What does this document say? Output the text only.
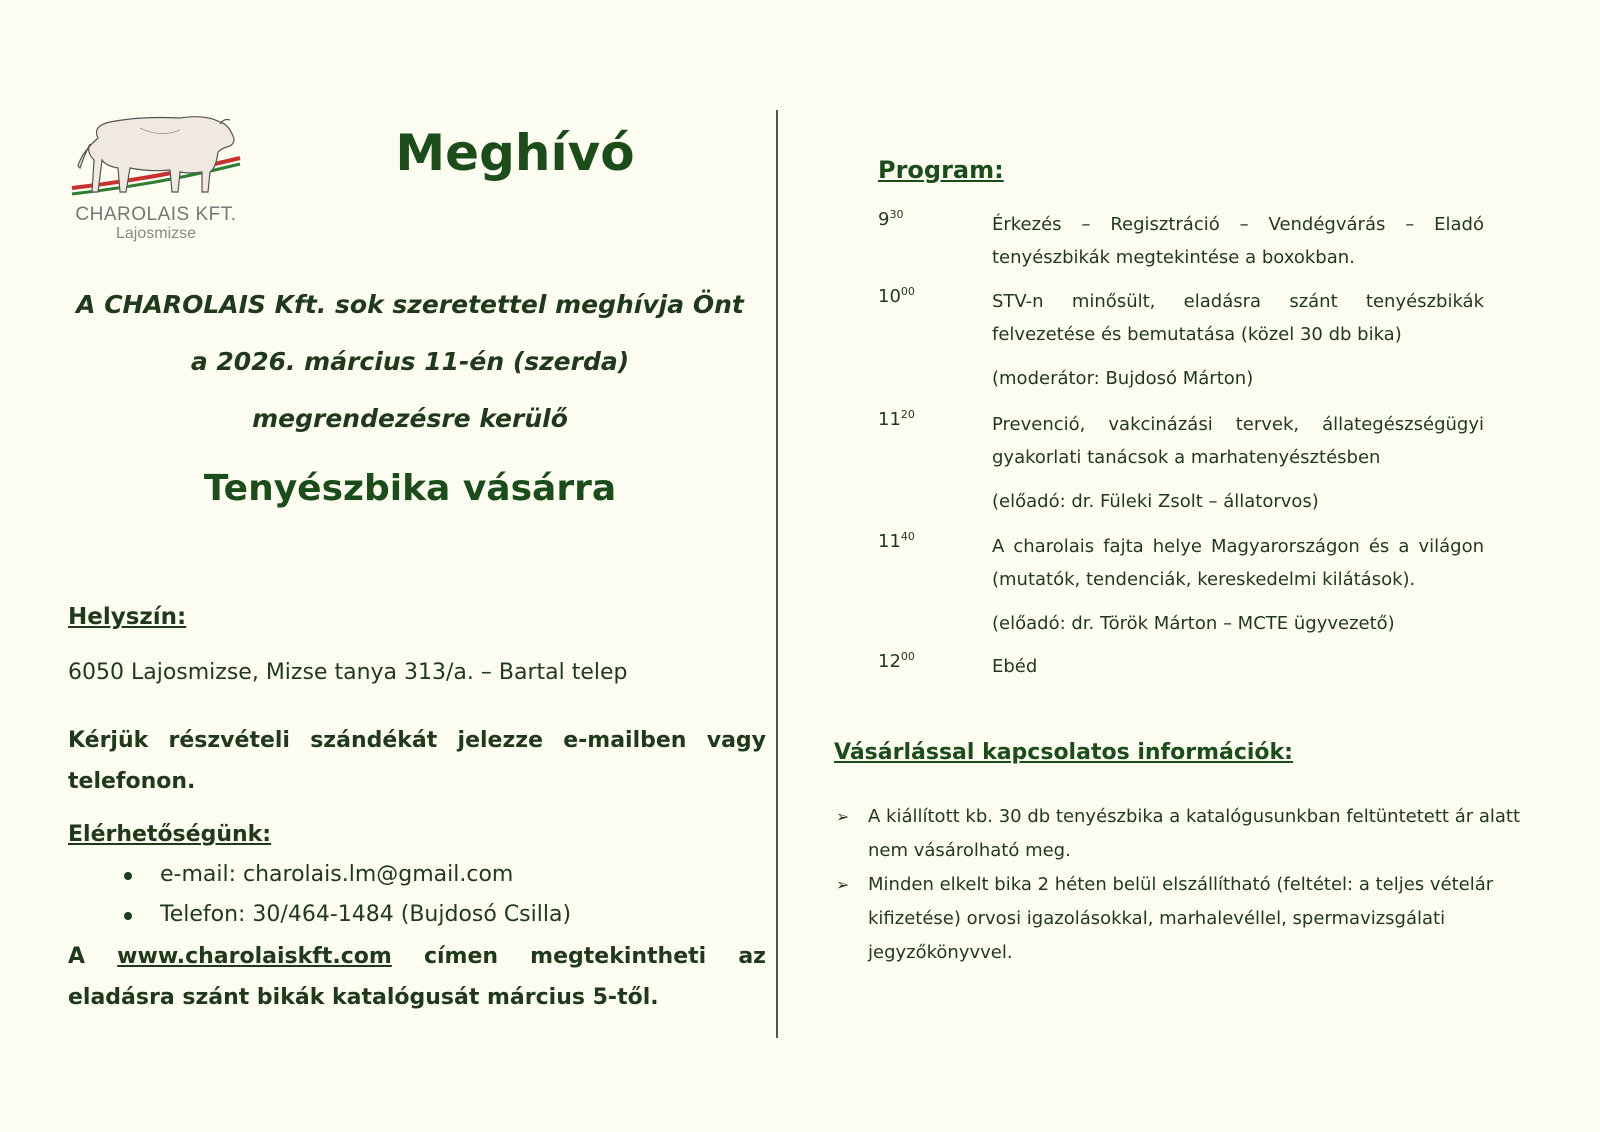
CHAROLAIS KFT.
Lajosmizse
Meghívó
A CHAROLAIS Kft. sok szeretettel meghívja Önt
a 2026. március 11-én (szerda)
megrendezésre kerülő
Tenyészbika vásárra
Helyszín:
6050 Lajosmizse, Mizse tanya 313/a. – Bartal telep
Kérjük részvételi szándékát jelezze e-mailben vagy telefonon.
Elérhetőségünk:
e-mail: charolais.lm@gmail.com
Telefon: 30/464-1484 (Bujdosó Csilla)
A www.charolaiskft.com címen megtekintheti az eladásra szánt bikák katalógusát március 5-től.
Program:
$9^{30}$	Érkezés – Regisztráció – Vendégvárás – Eladó tenyészbikák megtekintése a boxokban.
$10^{00}$	STV-n minősült, eladásra szánt tenyészbikák felvezetése és bemutatása (közel 30 db bika)
(moderátor: Bujdosó Márton)
$11^{20}$	Prevenció, vakcinázási tervek, állategészségügyi gyakorlati tanácsok a marhatenyésztésben
(előadó: dr. Füleki Zsolt – állatorvos)
$11^{40}$	A charolais fajta helye Magyarországon és a világon (mutatók, tendenciák, kereskedelmi kilátások).
(előadó: dr. Török Márton – MCTE ügyvezető)
$12^{00}$	Ebéd
Vásárlással kapcsolatos információk:
➢ A kiállított kb. 30 db tenyészbika a katalógusunkban feltüntetett ár alatt nem vásárolható meg.
➢ Minden elkelt bika 2 héten belül elszállítható (feltétel: a teljes vételár kifizetése) orvosi igazolásokkal, marhalevéllel, spermavizsgálati jegyzőkönyvvel.
